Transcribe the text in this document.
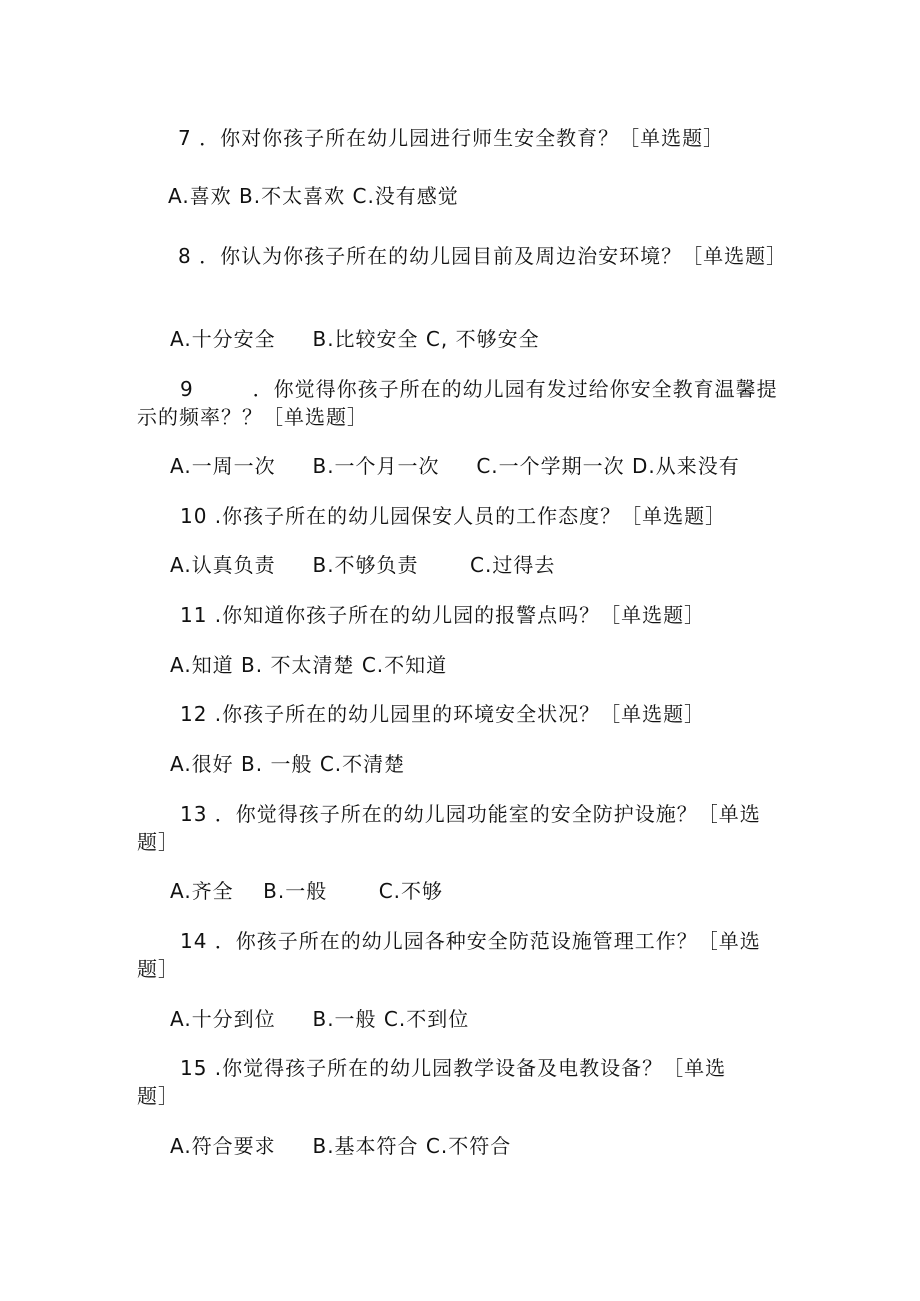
7 ．你对你孩子所在幼儿园进行师生安全教育？［单选题］
A.喜欢 B.不太喜欢 C.没有感觉
8 ．你认为你孩子所在的幼儿园目前及周边治安环境？［单选题］
A.十分安全     B.比较安全 C, 不够安全
9        ．你觉得你孩子所在的幼儿园有发过给你安全教育温馨提
示的频率？？［单选题］
A.一周一次     B.一个月一次     C.一个学期一次 D.从来没有
10 .你孩子所在的幼儿园保安人员的工作态度？［单选题］
A.认真负责     B.不够负责       C.过得去
11 .你知道你孩子所在的幼儿园的报警点吗？［单选题］
A.知道 B. 不太清楚 C.不知道
12 .你孩子所在的幼儿园里的环境安全状况？［单选题］
A.很好 B. 一般 C.不清楚
13 ．你觉得孩子所在的幼儿园功能室的安全防护设施？［单选
题］
A.齐全    B.一般       C.不够
14 ．你孩子所在的幼儿园各种安全防范设施管理工作？［单选
题］
A.十分到位     B.一般 C.不到位
15 .你觉得孩子所在的幼儿园教学设备及电教设备？［单选
题］
A.符合要求     B.基本符合 C.不符合
